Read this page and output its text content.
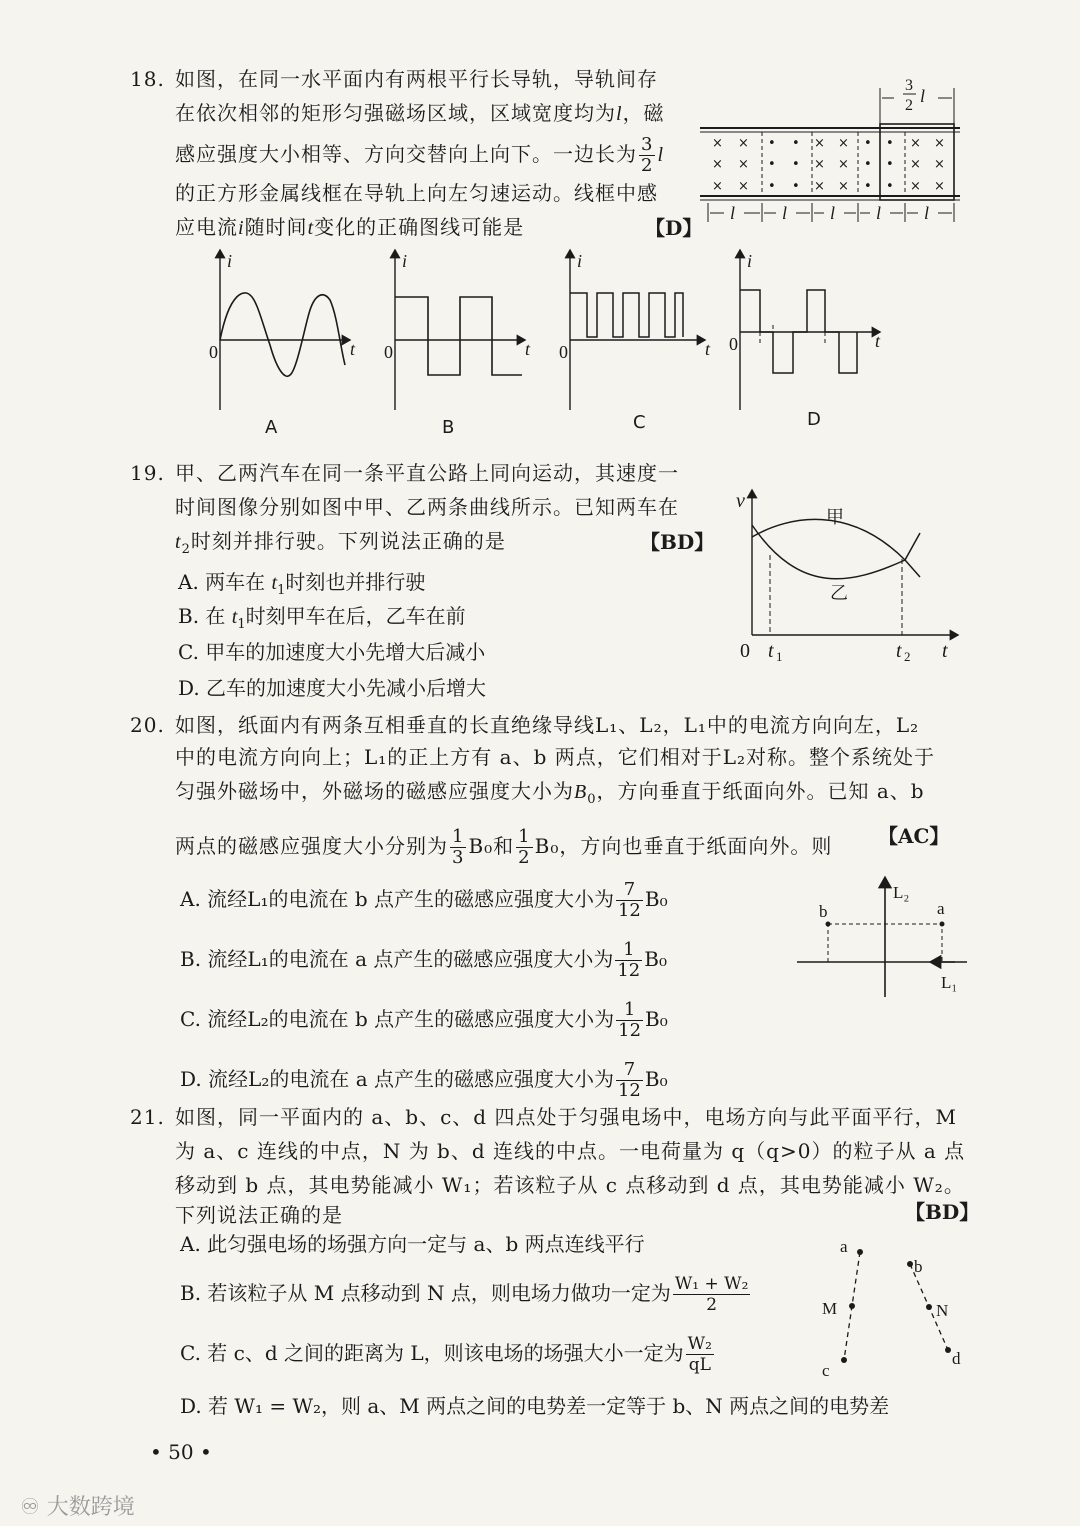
18. 如图，在同一水平面内有两根平行长导轨，导轨间存
在依次相邻的矩形匀强磁场区域，区域宽度均为l，磁
感应强度大小相等、方向交替向上向下。一边长为 $\frac{3}{2}$ l
的正方形金属线框在导轨上向左匀速运动。线框中感
应电流i随时间t变化的正确图线可能是	【D】
×
×
×
×
×
×
•
•
•
•
•
•
×
×
×
×
×
×
•
•
•
•
•
•
×
×
×
×
×
×
3
2 l
l	l l l l
i
0	t
A
i
0	t
B
i
0	t
C
i
0	t
D
19. 甲、乙两汽车在同一条平直公路上同向运动，其速度一
时间图像分别如图中甲、乙两条曲线所示。已知两车在
$t_2$时刻并排行驶。下列说法正确的是	【BD】
A. 两车在 $t_1$时刻也并排行驶
B. 在 $t_1$时刻甲车在后，乙车在前
C. 甲车的加速度大小先增大后减小
D. 乙车的加速度大小先减小后增大
v
0 t 1	t 2 t
甲
乙
20. 如图，纸面内有两条互相垂直的长直绝缘导线L₁、L₂，L₁中的电流方向向左，L₂
中的电流方向向上；L₁的正上方有 a、b 两点，它们相对于L₂对称。整个系统处于
匀强外磁场中，外磁场的磁感应强度大小为$B_0$，方向垂直于纸面向外。已知 a、b
两点的磁感应强度大小分别为 $\frac{1}{3} B_0$和 $\frac{1}{2} B_0$，方向也垂直于纸面向外。则	【AC】
A. 流经L₁的电流在 b 点产生的磁感应强度大小为 $\frac{7}{12} B_0$
B. 流经L₁的电流在 a 点产生的磁感应强度大小为 $\frac{1}{12} B_0$
C. 流经L₂的电流在 b 点产生的磁感应强度大小为 $\frac{1}{12} B_0$
D. 流经L₂的电流在 a 点产生的磁感应强度大小为 $\frac{7}{12} B_0$
L₂
L₁
b	a
21. 如图，同一平面内的 a、b、c、d 四点处于匀强电场中，电场方向与此平面平行，M
为 a、c 连线的中点，N 为 b、d 连线的中点。一电荷量为 q（q>0）的粒子从 a 点
移动到 b 点，其电势能减小 W₁；若该粒子从 c 点移动到 d 点，其电势能减小 W₂。
下列说法正确的是	【BD】
A. 此匀强电场的场强方向一定与 a、b 两点连线平行
B. 若该粒子从 M 点移动到 N 点，则电场力做功一定为 $\frac{\text{W₁ + W₂}}{2}$
C. 若 c、d 之间的距离为 L，则该电场的场强大小一定为 $\frac{\text{W₂}}{qL}$
D. 若 W₁ = W₂，则 a、M 两点之间的电势差一定等于 b、N 两点之间的电势差
a
b
c
d
M	N
• 50 •
♾ 大数跨境
